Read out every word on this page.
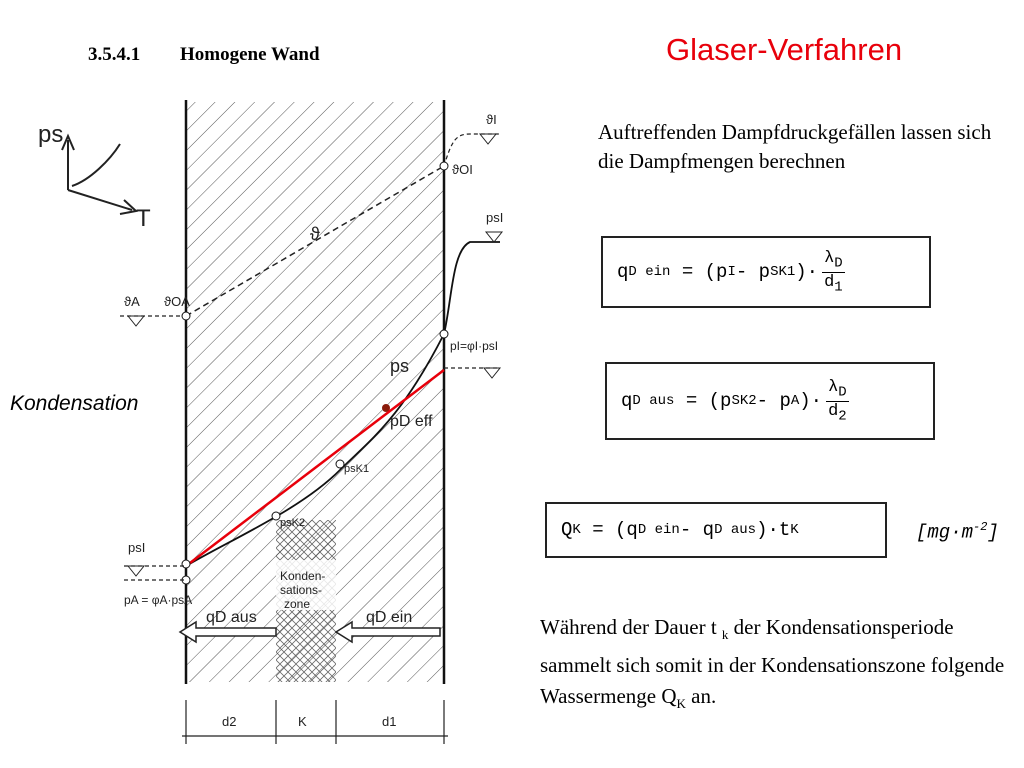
ps
T
ϑ
ϑI
ϑOI
ϑA ϑOA
psI
pI=φI·psI
ps
pD eff
psK1
psK2
psI
pA = φA·psA
Konden-
sations-
zone
qD aus	qD ein
d2	K	d1
3.5.4.1 Homogene Wand	Glaser-Verfahren
Auftreffenden Dampfdruckgefällen lassen sich die Dampfmengen berechnen
Kondensation
q D ein
= (p I - p SK1 )· $\frac{\lambda_D}{d_1}$
q D aus
= (p SK2 - p A )· $\frac{\lambda_D}{d_2}$
Q K
= (q D ein - q D aus )·t K	$[mg\cdot m^{-2}]$
Während der Dauer t $_k$ der Kondensationsperiode sammelt sich somit in der Kondensationszone folgende Wassermenge $Q_K$ an.
